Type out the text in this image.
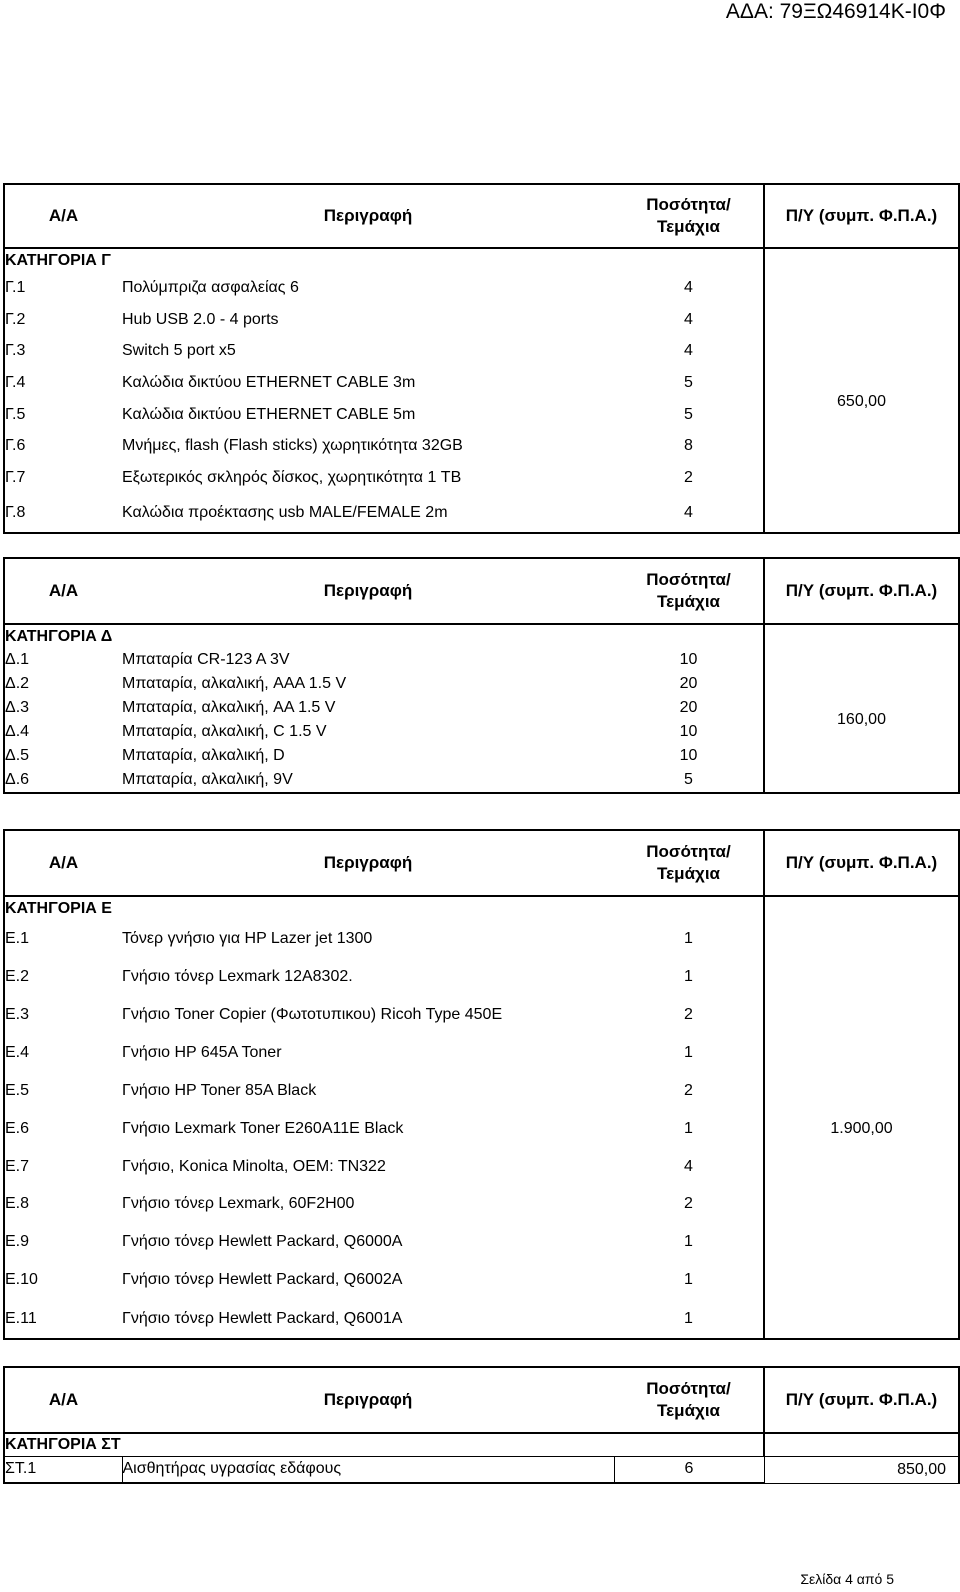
ΑΔΑ: 79ΞΩ46914Κ-Ι0Φ
Α/Α	Περιγραφή	Ποσότητα/
Τεμάχια	Π/Υ (συμπ. Φ.Π.Α.)
ΚΑΤΗΓΟΡΙΑ Γ			
Γ.1	Πολύμπριζα ασφαλείας 6	4	650,00
Γ.2	Hub USB 2.0 - 4 ports	4	
Γ.3	Switch 5 port x5	4	
Γ.4	Καλώδια δικτύου ETHERNET CABLE 3m	5	
Γ.5	Καλώδια δικτύου ETHERNET CABLE 5m	5	
Γ.6	Μνήμες, flash (Flash sticks) χωρητικότητα 32GB	8	
Γ.7	Εξωτερικός σκληρός δίσκος, χωρητικότητα 1 TB	2	
Γ.8	Καλώδια προέκτασης usb MALE/FEMALE 2m	4	
Α/Α	Περιγραφή	Ποσότητα/
Τεμάχια	Π/Υ (συμπ. Φ.Π.Α.)
ΚΑΤΗΓΟΡΙΑ Δ			
Δ.1	Μπαταρία CR-123 A 3V	10	160,00
Δ.2	Μπαταρία, αλκαλική, AAA 1.5 V	20	
Δ.3	Μπαταρία, αλκαλική, AA 1.5 V	20	
Δ.4	Μπαταρία, αλκαλική, C 1.5 V	10	
Δ.5	Μπαταρία, αλκαλική, D	10	
Δ.6	Μπαταρία, αλκαλική, 9V	5	
Α/Α	Περιγραφή	Ποσότητα/
Τεμάχια	Π/Υ (συμπ. Φ.Π.Α.)
ΚΑΤΗΓΟΡΙΑ Ε			
Ε.1	Τόνερ γνήσιο για HP Lazer jet 1300	1	1.900,00
Ε.2	Γνήσιο τόνερ Lexmark 12A8302.	1	
Ε.3	Γνήσιο Toner Copier (Φωτοτυπικου) Ricoh Type 450E	2	
Ε.4	Γνήσιο HP 645A Toner	1	
Ε.5	Γνήσιο HP Toner 85A Black	2	
Ε.6	Γνήσιο Lexmark Toner E260A11E Black	1	
Ε.7	Γνήσιο, Konica Minolta, OEM: TN322	4	
Ε.8	Γνήσιο τόνερ Lexmark, 60F2H00	2	
Ε.9	Γνήσιο τόνερ Hewlett Packard, Q6000A	1	
Ε.10	Γνήσιο τόνερ Hewlett Packard, Q6002A	1	
Ε.11	Γνήσιο τόνερ Hewlett Packard, Q6001A	1	
Α/Α	Περιγραφή	Ποσότητα/
Τεμάχια	Π/Υ (συμπ. Φ.Π.Α.)
ΚΑΤΗΓΟΡΙΑ ΣΤ			
ΣΤ.1	Αισθητήρας υγρασίας εδάφους	6	850,00
Σελίδα 4 από 5
